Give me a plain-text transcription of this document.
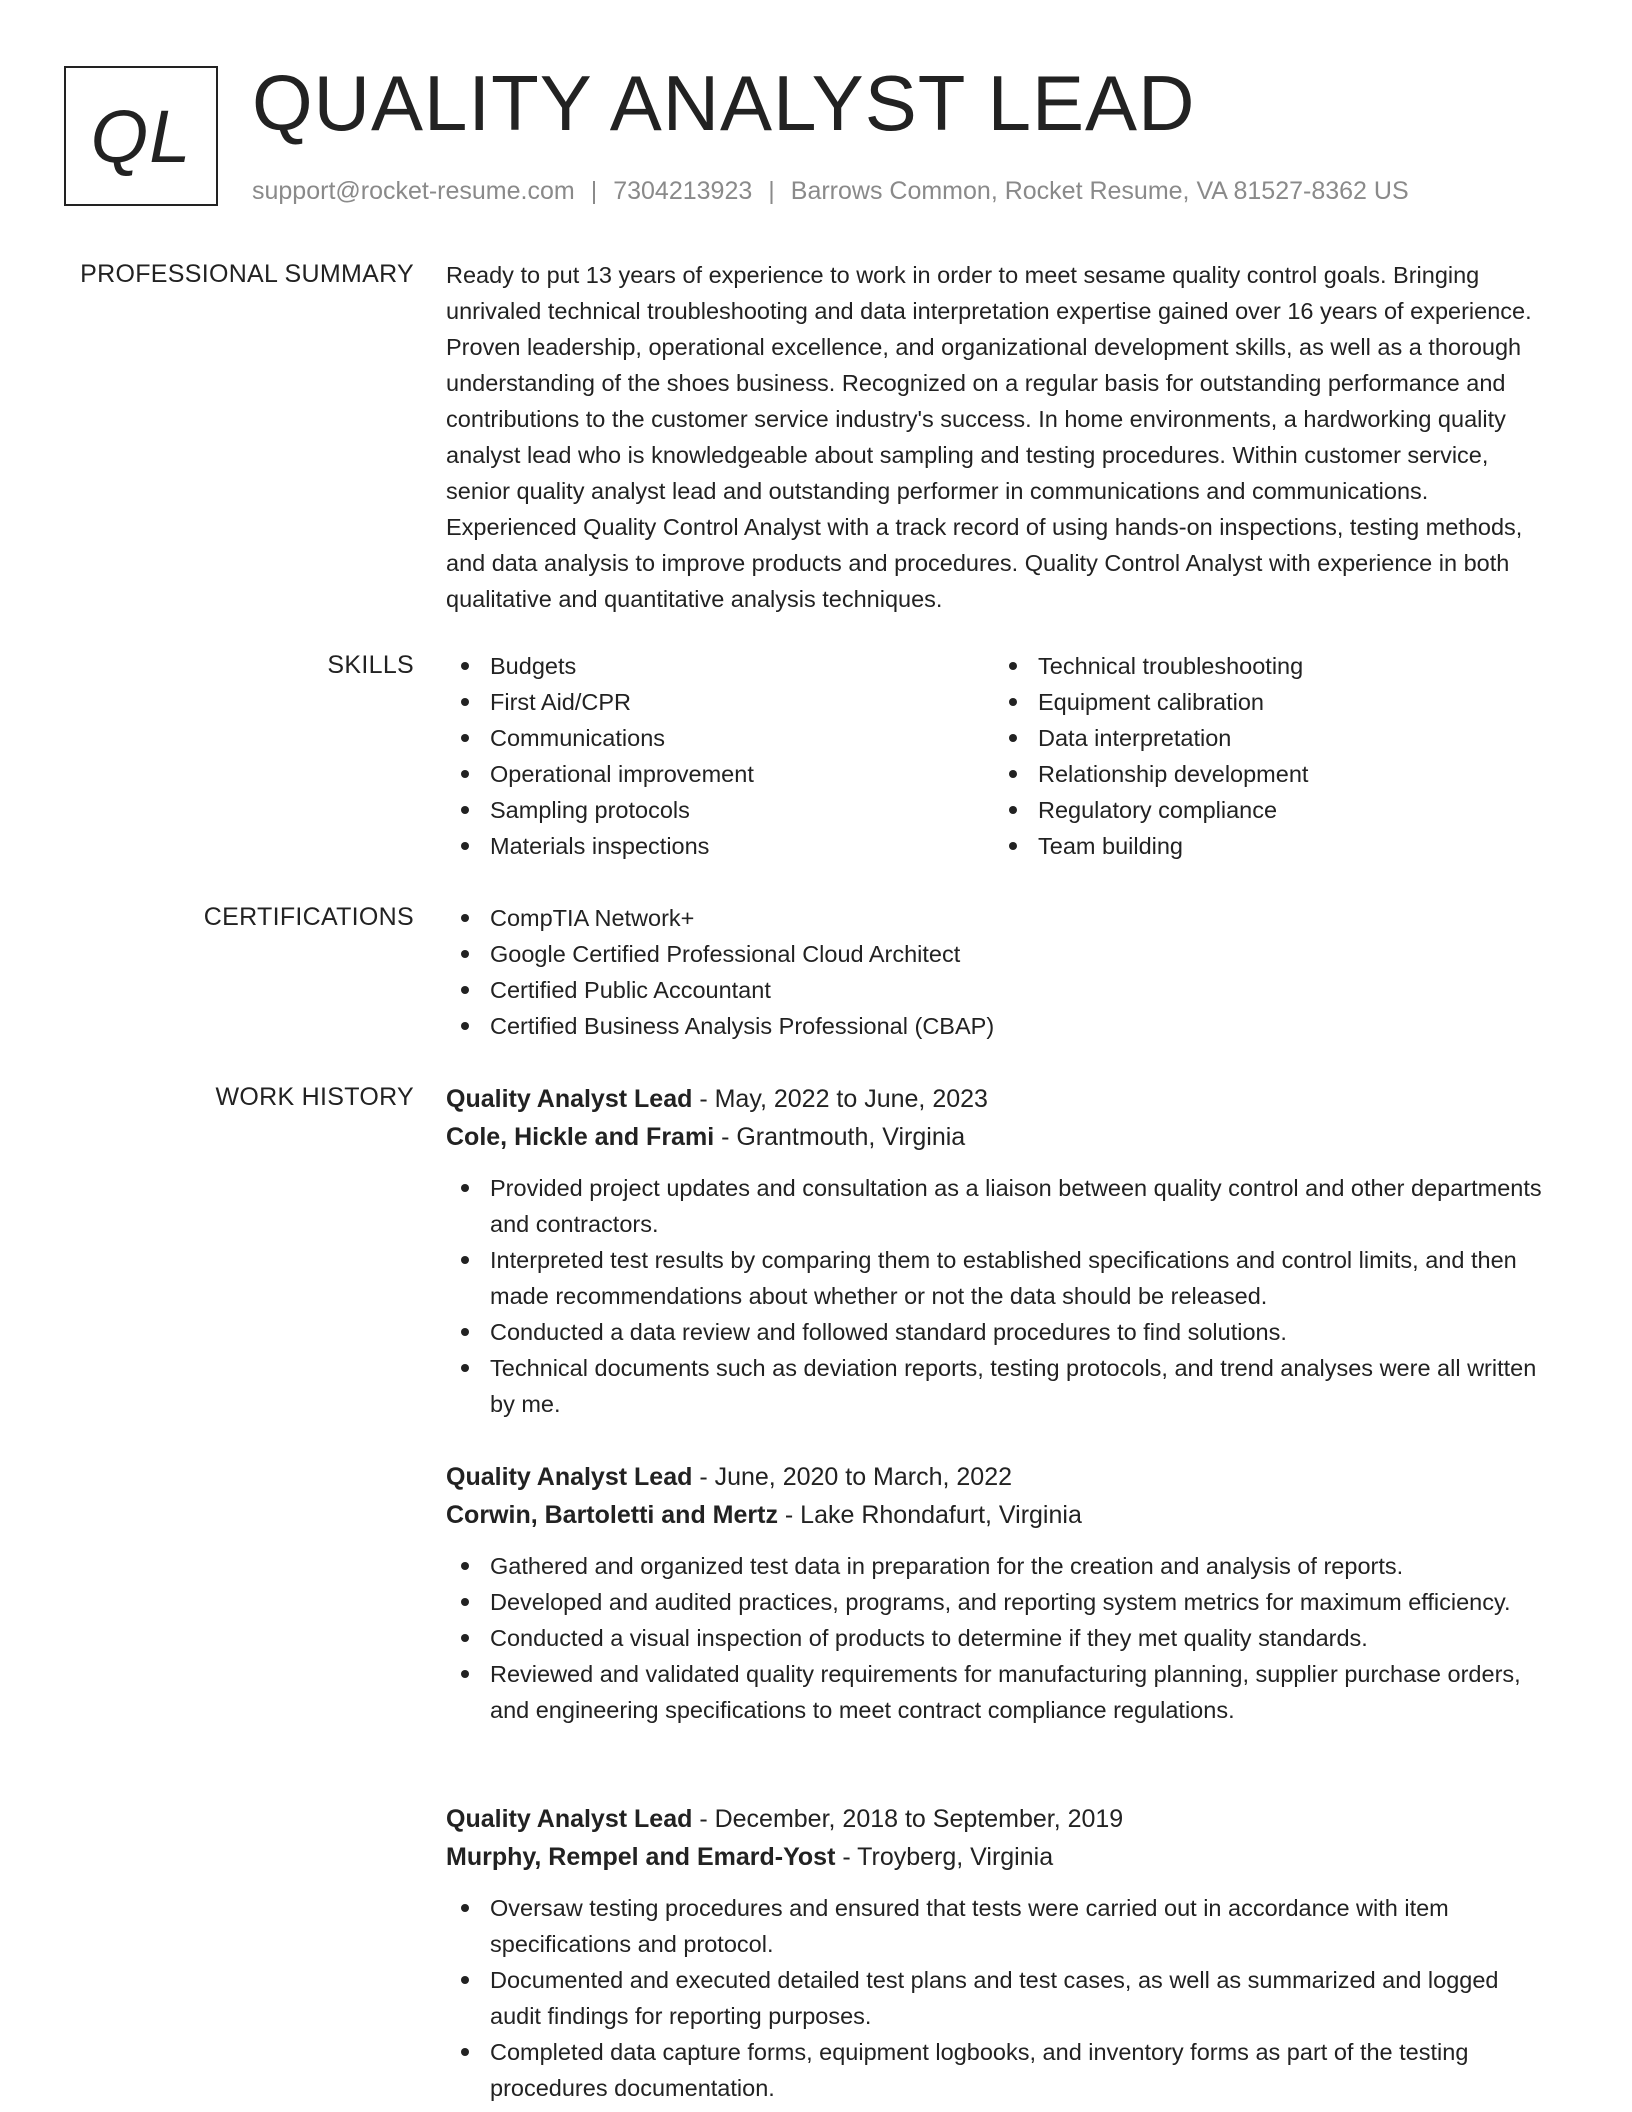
QL QUALITY ANALYST LEAD
support@rocket-resume.com | 7304213923 | Barrows Common, Rocket Resume, VA 81527-8362 US
PROFESSIONAL SUMMARY Ready to put 13 years of experience to work in order to meet sesame quality control goals. Bringing unrivaled technical troubleshooting and data interpretation expertise gained over 16 years of experience. Proven leadership, operational excellence, and organizational development skills, as well as a thorough understanding of the shoes business. Recognized on a regular basis for outstanding performance and contributions to the customer service industry's success. In home environments, a hardworking quality analyst lead who is knowledgeable about sampling and testing procedures. Within customer service, senior quality analyst lead and outstanding performer in communications and communications. Experienced Quality Control Analyst with a track record of using hands-on inspections, testing methods, and data analysis to improve products and procedures. Quality Control Analyst with experience in both qualitative and quantitative analysis techniques.

SKILLS	Budgets
First Aid/CPR
Communications
Operational improvement
Sampling protocols
Materials inspections
Technical troubleshooting
Equipment calibration
Data interpretation
Relationship development
Regulatory compliance
Team building
CERTIFICATIONS	CompTIA Network+
Google Certified Professional Cloud Architect
Certified Public Accountant
Certified Business Analysis Professional (CBAP)
WORK HISTORY Quality Analyst Lead - May, 2022 to June, 2023
Cole, Hickle and Frami - Grantmouth, Virginia
Provided project updates and consultation as a liaison between quality control and other departments and contractors.
Interpreted test results by comparing them to established specifications and control limits, and then made recommendations about whether or not the data should be released.
Conducted a data review and followed standard procedures to find solutions.
Technical documents such as deviation reports, testing protocols, and trend analyses were all written by me.
Quality Analyst Lead - June, 2020 to March, 2022
Corwin, Bartoletti and Mertz - Lake Rhondafurt, Virginia
Gathered and organized test data in preparation for the creation and analysis of reports.
Developed and audited practices, programs, and reporting system metrics for maximum efficiency.
Conducted a visual inspection of products to determine if they met quality standards.
Reviewed and validated quality requirements for manufacturing planning, supplier purchase orders, and engineering specifications to meet contract compliance regulations.
Quality Analyst Lead - December, 2018 to September, 2019
Murphy, Rempel and Emard-Yost - Troyberg, Virginia
Oversaw testing procedures and ensured that tests were carried out in accordance with item specifications and protocol.
Documented and executed detailed test plans and test cases, as well as summarized and logged audit findings for reporting purposes.
Completed data capture forms, equipment logbooks, and inventory forms as part of the testing procedures documentation.
